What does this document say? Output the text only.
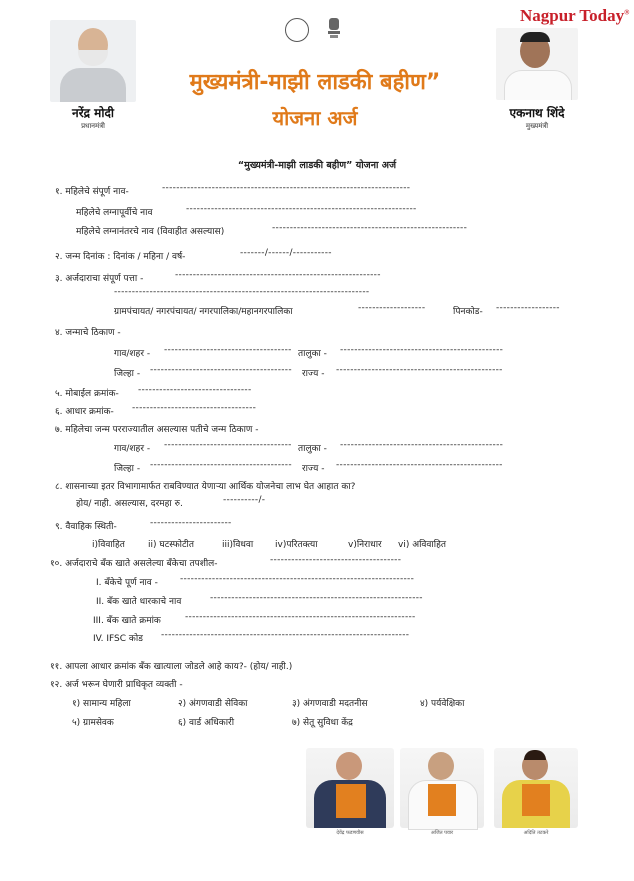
Nagpur Today®
नरेंद्र मोदी
प्रधानमंत्री
एकनाथ शिंदे
मुख्यमंत्री
मुख्यमंत्री-माझी लाडकी बहीण”
योजना अर्ज
“मुख्यमंत्री-माझी लाडकी बहीण” योजना अर्ज
१. महिलेचे संपूर्ण नाव-	----------------------------------------------------------------------
महिलेचे लग्नापूर्वीचे नाव	-----------------------------------------------------------------
महिलेचे लग्नानंतरचे नाव (विवाहीत असल्यास)	-------------------------------------------------------
२. जन्म दिनांक : दिनांक / महिना / वर्ष-	-------/------/-----------
३. अर्जदाराचा संपूर्ण पत्ता -	----------------------------------------------------------
------------------------------------------------------------------------
ग्रामपंचायत/ नगरपंचायत/ नगरपालिका/महानगरपालिका	-------------------	पिनकोड- ------------------
४. जन्माचे ठिकाण -
गाव/शहर - ------------------------------------ तालुका - ----------------------------------------------
जिल्हा - ---------------------------------------- राज्य - -----------------------------------------------
५. मोबाईल क्रमांक- --------------------------------
६. आधार क्रमांक- -----------------------------------
७. महिलेचा जन्म परराज्यातील असल्यास पतीचे जन्म ठिकाण -
गाव/शहर - ------------------------------------ तालुका - ----------------------------------------------
जिल्हा - ---------------------------------------- राज्य - -----------------------------------------------
८. शासनाच्या इतर विभागामार्फत राबविण्यात येणाऱ्या आर्थिक योजनेचा लाभ घेत आहात का?
होय/ नाही. असल्यास, दरमहा रु.	----------/-
९. वैवाहिक स्थिती-	-----------------------
i)विवाहित	ii) घटस्फोटीत	iii)विधवा iv)परितक्त्या	v)निराधार vi) अविवाहित
१०. अर्जदाराचे बँक खाते असलेल्या बँकेचा तपशील-	-------------------------------------
I. बँकेचे पूर्ण नाव - ------------------------------------------------------------------
II. बँक खाते धारकाचे नाव	------------------------------------------------------------
III. बँक खाते क्रमांक	-----------------------------------------------------------------
IV. IFSC कोड ----------------------------------------------------------------------
११. आपला आधार क्रमांक बँक खात्याला जोडले आहे काय?- (होय/ नाही.)
१२. अर्ज भरून घेणारी प्राधिकृत व्यक्ती -
१) सामान्य महिला	२) अंगणवाडी सेविका	३) अंगणवाडी मदतनीस	४) पर्यवेक्षिका
५) ग्रामसेवक	६) वार्ड अधिकारी	७) सेतू सुविधा केंद्र
देवेंद्र फडणवीस	अजित पवार	अदिति तटकरे
